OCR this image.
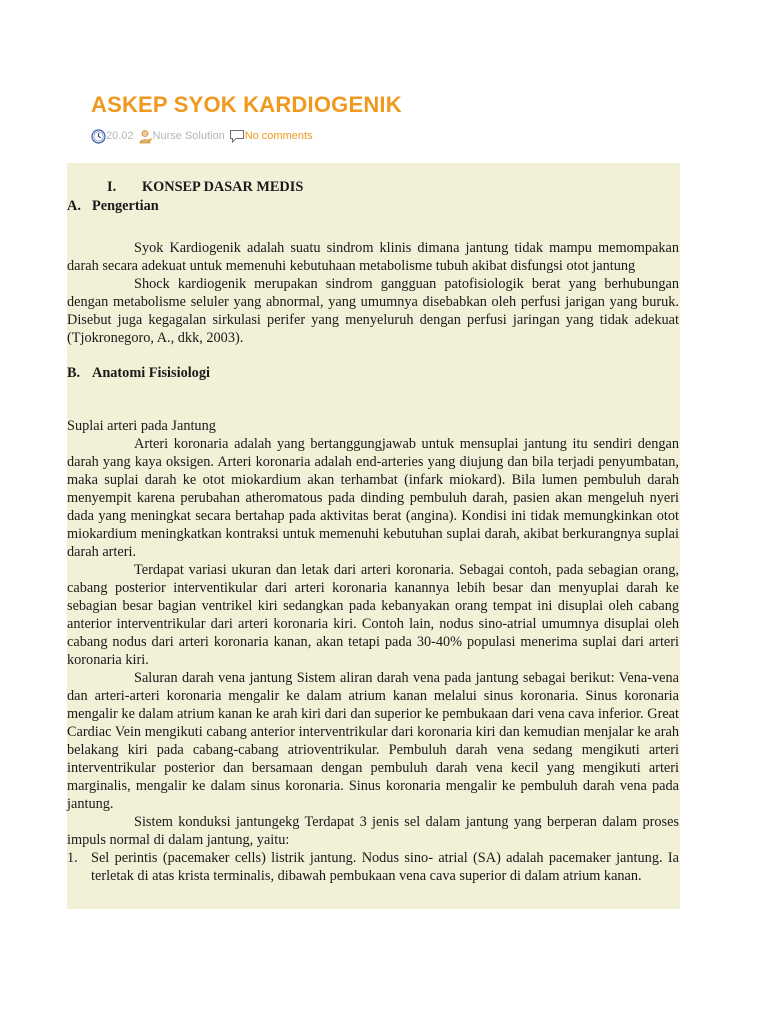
ASKEP SYOK KARDIOGENIK
20.02 Nurse Solution No comments
I.	KONSEP DASAR MEDIS
A. Pengertian

Syok Kardiogenik adalah suatu sindrom klinis dimana jantung tidak mampu memompakan darah secara adekuat untuk memenuhi kebutuhaan metabolisme tubuh akibat disfungsi otot jantung

Shock kardiogenik merupakan sindrom gangguan patofisiologik berat yang berhubungan dengan metabolisme seluler yang abnormal, yang umumnya disebabkan oleh perfusi jarigan yang buruk. Disebut juga kegagalan sirkulasi perifer yang menyeluruh dengan perfusi jaringan yang tidak adekuat (Tjokronegoro, A., dkk, 2003).

B. Anatomi Fisisiologi

Suplai arteri pada Jantung

Arteri koronaria adalah yang bertanggungjawab untuk mensuplai jantung itu sendiri dengan darah yang kaya oksigen. Arteri koronaria adalah end-arteries yang diujung dan bila terjadi penyumbatan, maka suplai darah ke otot miokardium akan terhambat (infark miokard). Bila lumen pembuluh darah menyempit karena perubahan atheromatous pada dinding pembuluh darah, pasien akan mengeluh nyeri dada yang meningkat secara bertahap pada aktivitas berat (angina). Kondisi ini tidak memungkinkan otot miokardium meningkatkan kontraksi untuk memenuhi kebutuhan suplai darah, akibat berkurangnya suplai darah arteri.

Terdapat variasi ukuran dan letak dari arteri koronaria. Sebagai contoh, pada sebagian orang, cabang posterior interventikular dari arteri koronaria kanannya lebih besar dan menyuplai darah ke sebagian besar bagian ventrikel kiri sedangkan pada kebanyakan orang tempat ini disuplai oleh cabang anterior interventrikular dari arteri koronaria kiri. Contoh lain, nodus sino-atrial umumnya disuplai oleh cabang nodus dari arteri koronaria kanan, akan tetapi pada 30-40% populasi menerima suplai dari arteri koronaria kiri.

Saluran darah vena jantung Sistem aliran darah vena pada jantung sebagai berikut: Vena-vena dan arteri-arteri koronaria mengalir ke dalam atrium kanan melalui sinus koronaria. Sinus koronaria mengalir ke dalam atrium kanan ke arah kiri dari dan superior ke pembukaan dari vena cava inferior. Great Cardiac Vein mengikuti cabang anterior interventrikular dari koronaria kiri dan kemudian menjalar ke arah belakang kiri pada cabang-cabang atrioventrikular. Pembuluh darah vena sedang mengikuti arteri interventrikular posterior dan bersamaan dengan pembuluh darah vena kecil yang mengikuti arteri marginalis, mengalir ke dalam sinus koronaria. Sinus koronaria mengalir ke pembuluh darah vena pada jantung.

Sistem konduksi jantungekg Terdapat 3 jenis sel dalam jantung yang berperan dalam proses impuls normal di dalam jantung, yaitu:

1. Sel perintis (pacemaker cells) listrik jantung. Nodus sino- atrial (SA) adalah pacemaker jantung. Ia terletak di atas krista terminalis, dibawah pembukaan vena cava superior di dalam atrium kanan.
